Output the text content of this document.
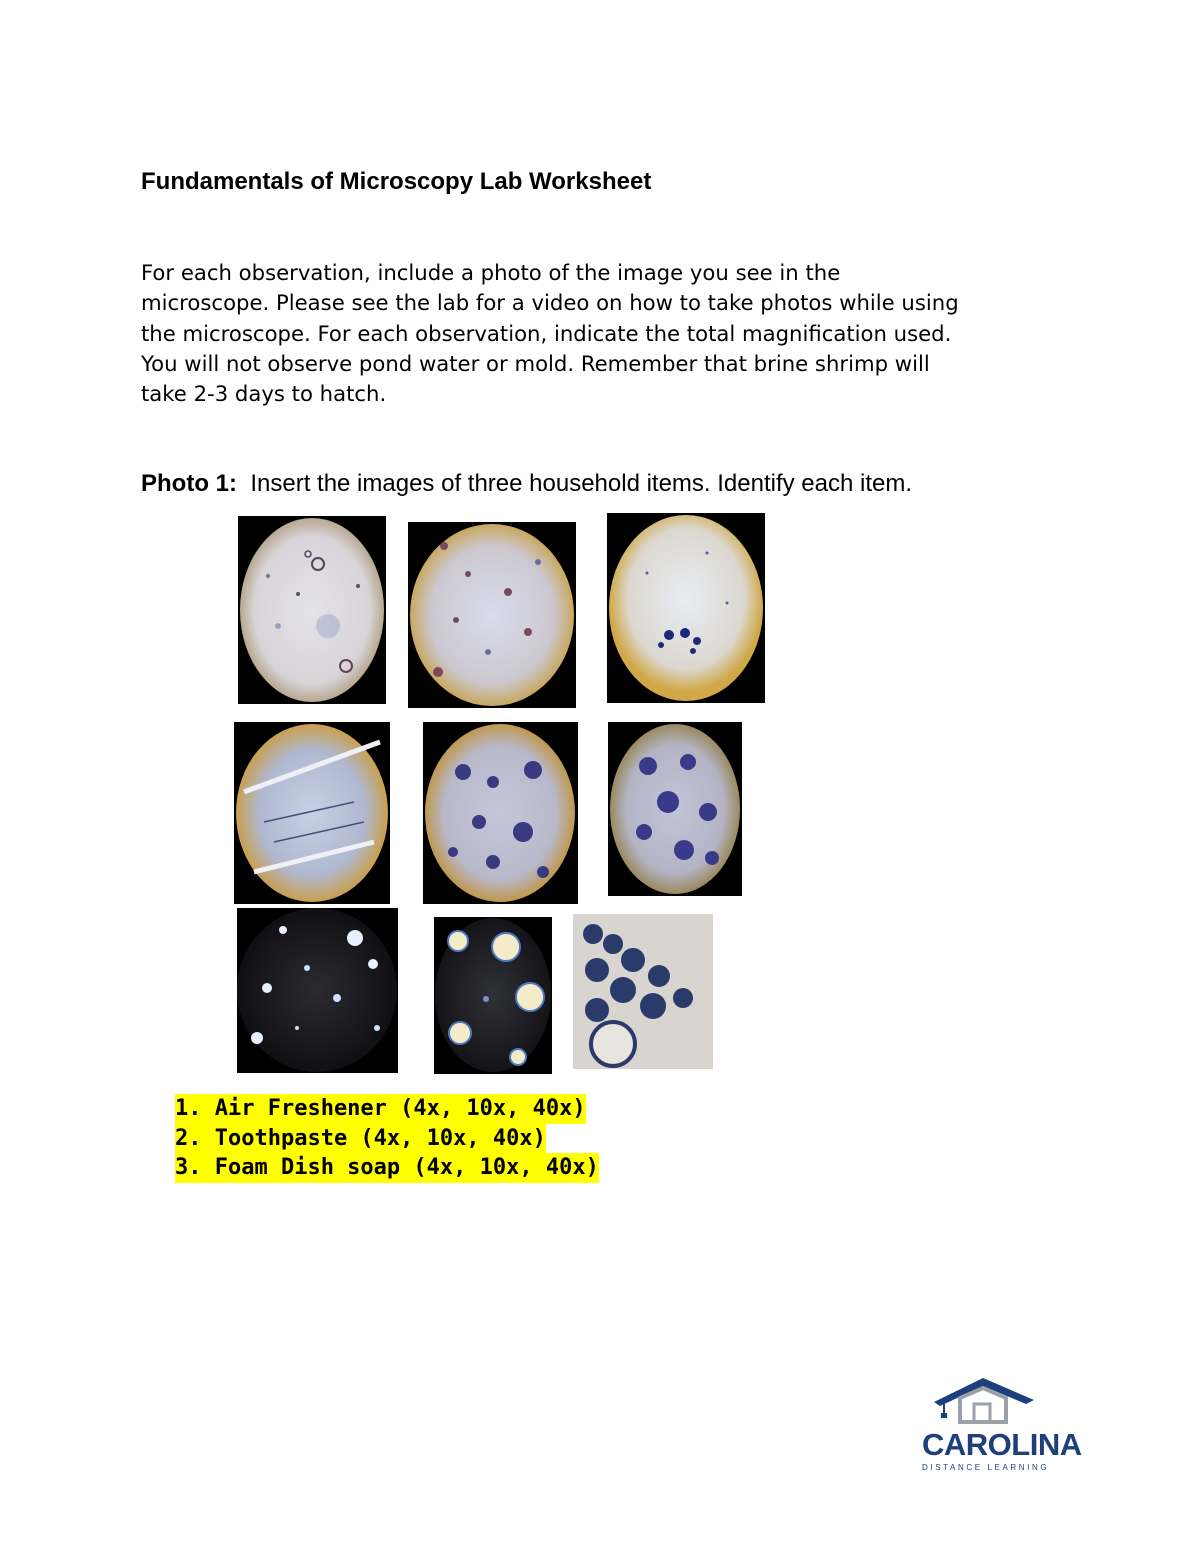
Fundamentals of Microscopy Lab Worksheet
For each observation, include a photo of the image you see in the
microscope. Please see the lab for a video on how to take photos while using
the microscope. For each observation, indicate the total magnification used.
You will not observe pond water or mold. Remember that brine shrimp will
take 2-3 days to hatch.
Photo 1:  Insert the images of three household items. Identify each item.
1. Air Freshener (4x, 10x, 40x)
2. Toothpaste (4x, 10x, 40x)
3. Foam Dish soap (4x, 10x, 40x)
CAROLINA
DISTANCE LEARNING
